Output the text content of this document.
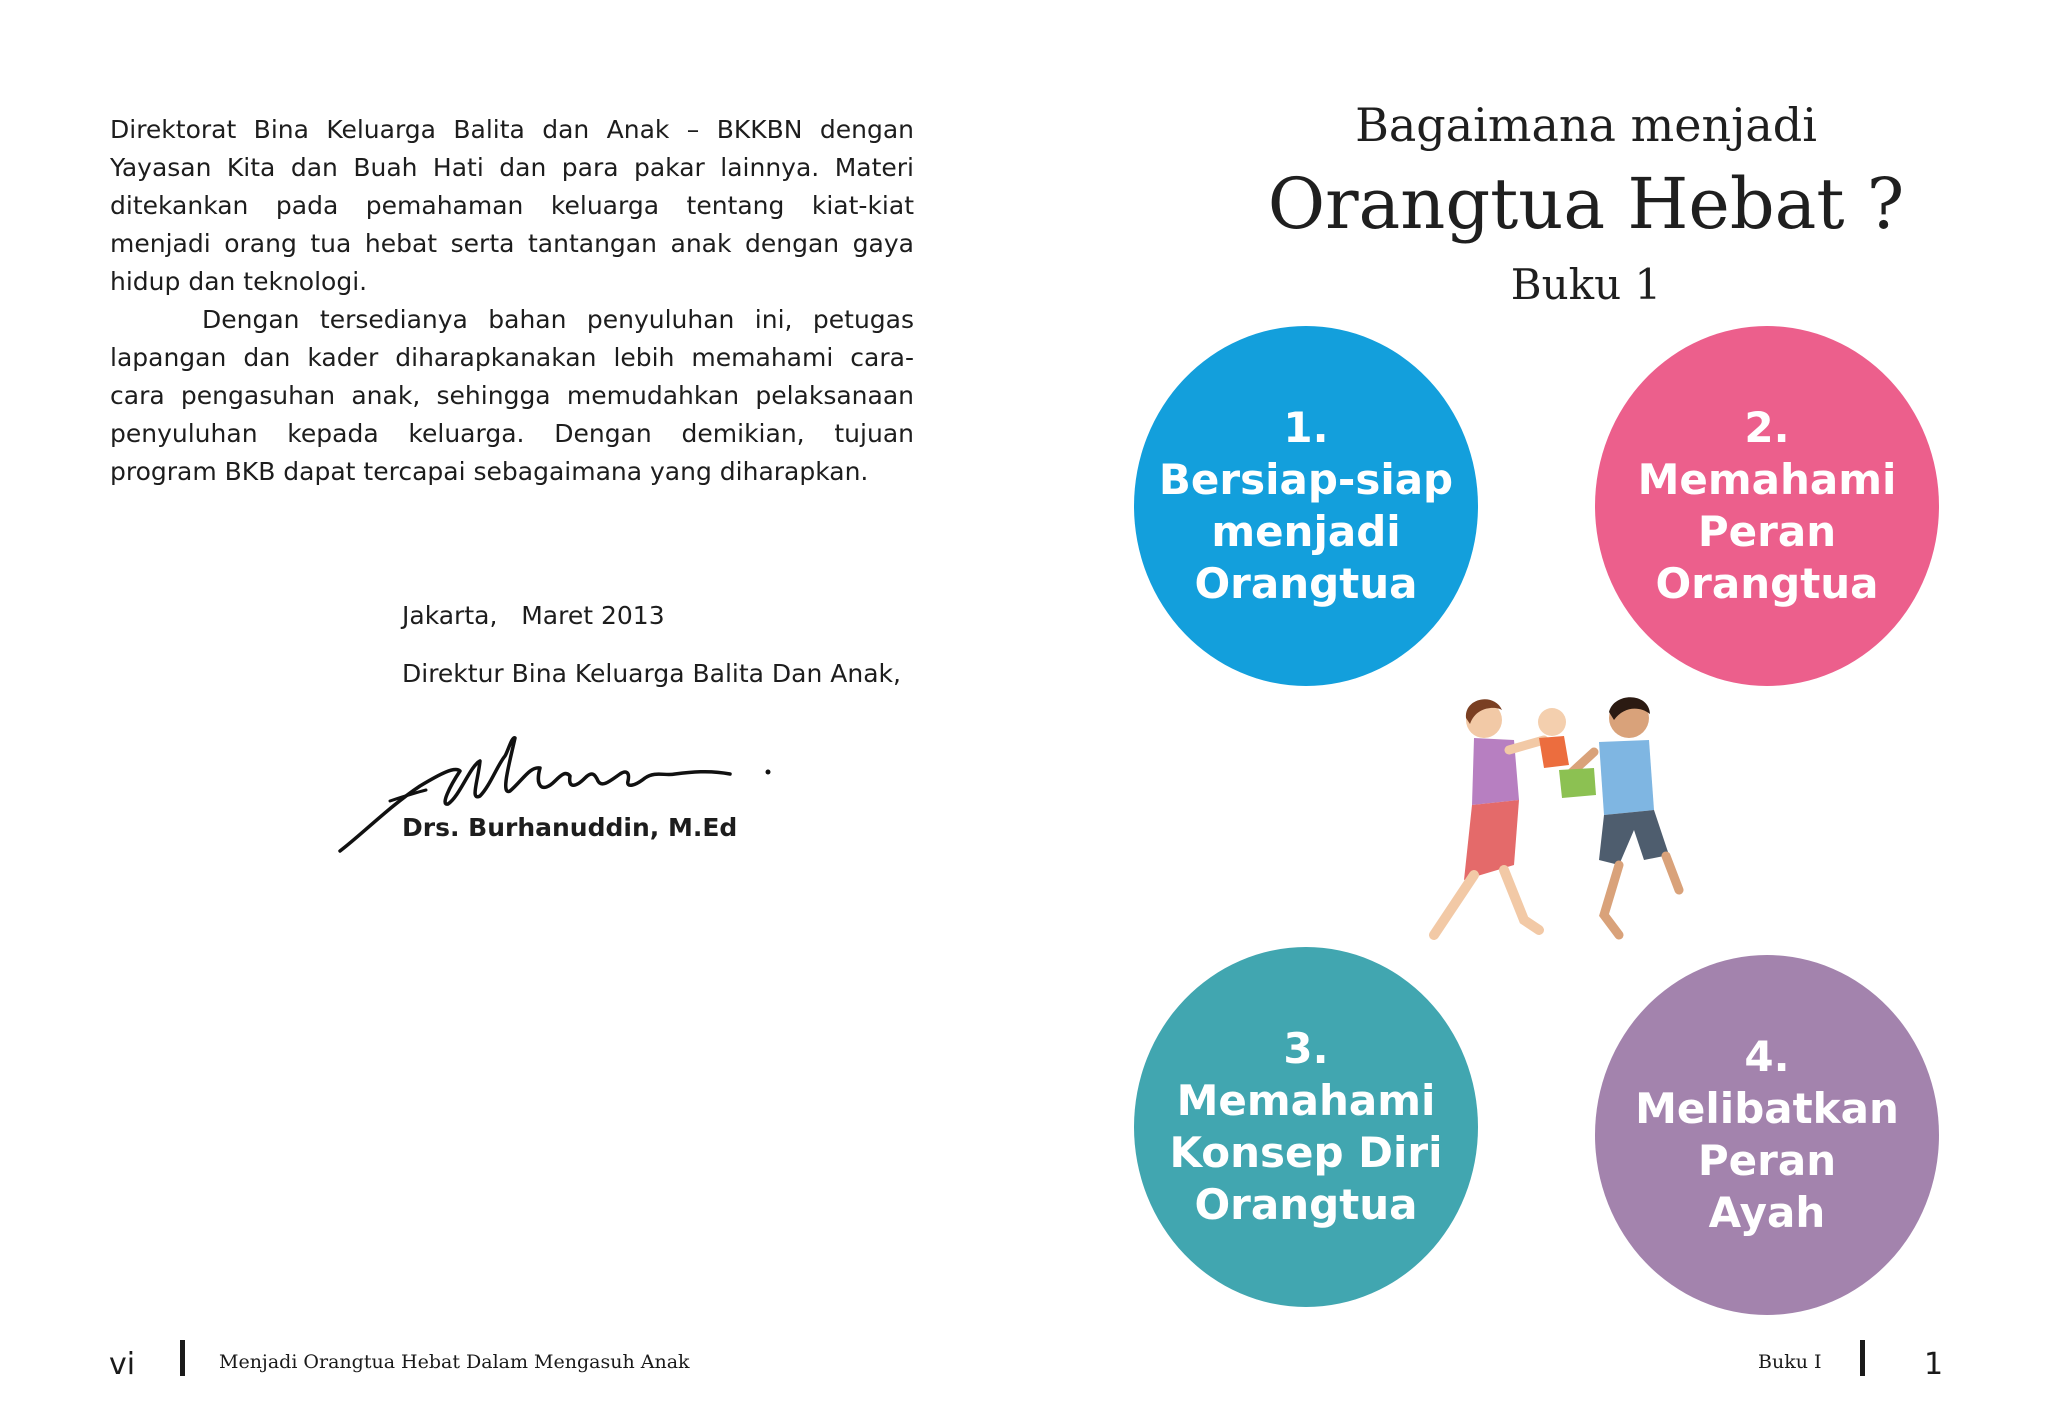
Direktorat Bina Keluarga Balita dan Anak – BKKBN dengan Yayasan Kita dan Buah Hati dan para pakar lainnya. Materi ditekankan pada pemahaman keluarga tentang kiat-kiat menjadi orang tua hebat serta tantangan anak dengan gaya hidup dan teknologi.

Dengan tersedianya bahan penyuluhan ini, petugas lapangan dan kader diharapkanakan lebih memahami cara-cara pengasuhan anak, sehingga memudahkan pelaksanaan penyuluhan kepada keluarga. Dengan demikian, tujuan program BKB dapat tercapai sebagaimana yang diharapkan.

Jakarta,   Maret 2013
Direktur Bina Keluarga Balita Dan Anak,
Drs. Burhanuddin, M.Ed
vi	Menjadi Orangtua Hebat Dalam Mengasuh Anak
Bagaimana menjadi
Orangtua Hebat ?
Buku 1
1.
Bersiap-siap
menjadi
Orangtua
2.
Memahami
Peran
Orangtua
3.
Memahami
Konsep Diri
Orangtua
4.
Melibatkan
Peran
Ayah
Buku I	1
